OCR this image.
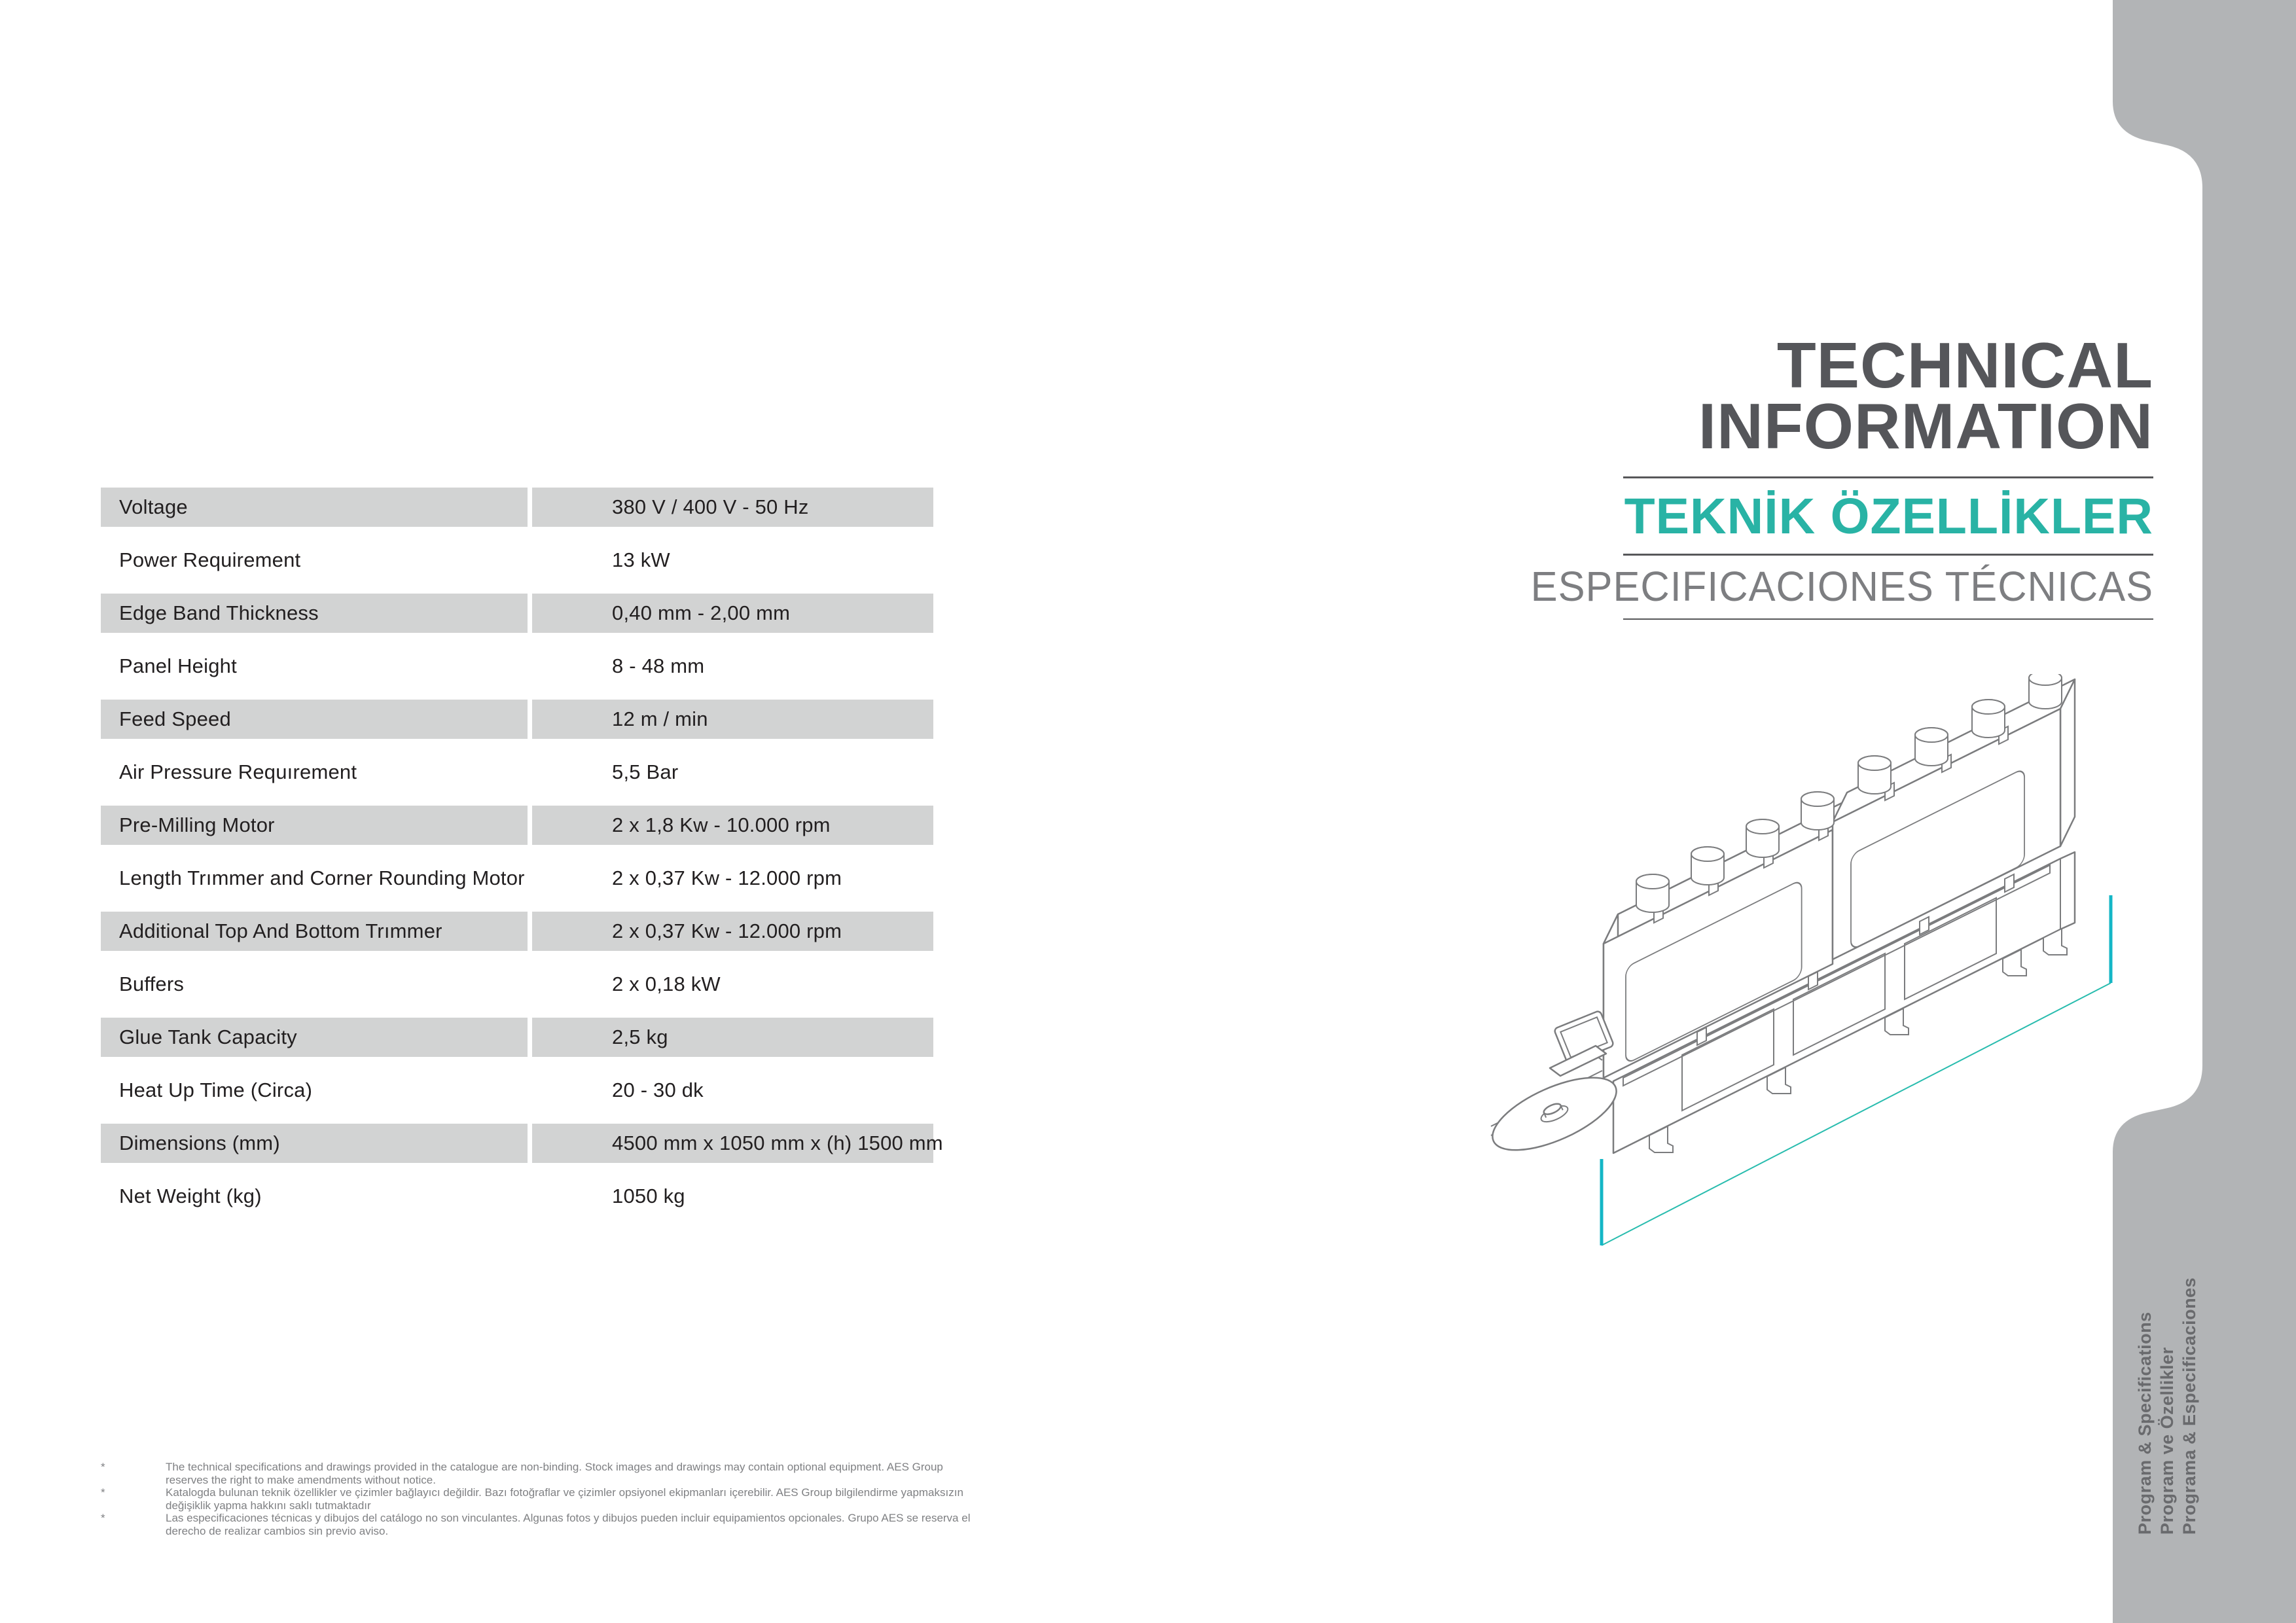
Voltage	380 V / 400 V - 50 Hz
Power Requirement	13 kW
Edge Band Thickness	0,40 mm - 2,00 mm
Panel Height	8 - 48 mm
Feed Speed	12 m / min
Air Pressure Requırement	5,5 Bar
Pre-Milling Motor	2 x 1,8 Kw - 10.000 rpm
Length Trımmer and Corner Rounding Motor	2 x 0,37 Kw - 12.000 rpm
Additional Top And Bottom Trımmer	2 x 0,37 Kw - 12.000 rpm
Buffers	2 x 0,18 kW
Glue Tank Capacity	2,5 kg
Heat Up Time (Circa)	20 - 30 dk
Dimensions (mm)	4500 mm x 1050 mm x (h) 1500 mm
Net Weight (kg)	1050 kg
TECHNICAL
INFORMATION
TEKNİK ÖZELLİKLER
ESPECIFICACIONES TÉCNICAS
Program & Specifications Program ve Özellikler Programa & Especificaciones
*	The technical specifications and drawings provided in the catalogue are non-binding. Stock images and drawings may contain optional equipment. AES Group reserves the right to make amendments without notice.
*	Katalogda bulunan teknik özellikler ve çizimler bağlayıcı değildir. Bazı fotoğraflar ve çizimler opsiyonel ekipmanları içerebilir. AES Group bilgilendirme yapmaksızın değişiklik yapma hakkını saklı tutmaktadır
*	Las especificaciones técnicas y dibujos del catálogo no son vinculantes. Algunas fotos y dibujos pueden incluir equipamientos opcionales. Grupo AES se reserva el derecho de realizar cambios sin previo aviso.
